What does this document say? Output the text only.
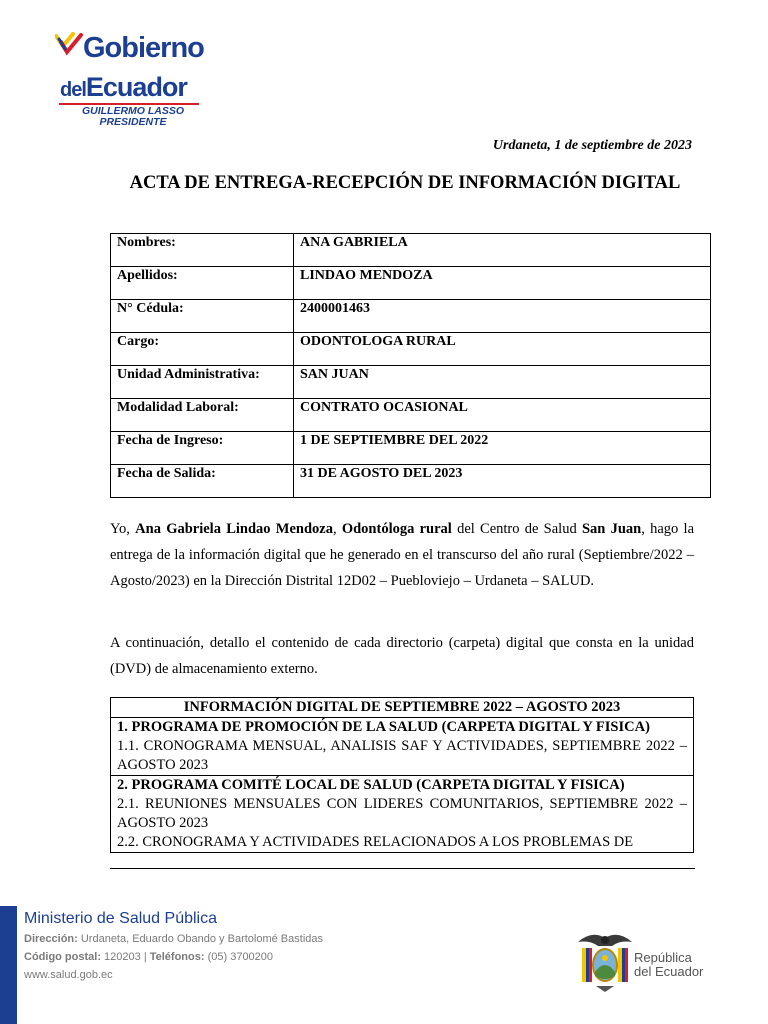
Gobierno
delEcuador
GUILLERMO LASSO
PRESIDENTE
Urdaneta, 1 de septiembre de 2023
ACTA DE ENTREGA-RECEPCIÓN DE INFORMACIÓN DIGITAL
Nombres:	ANA GABRIELA
Apellidos:	LINDAO MENDOZA
N° Cédula:	2400001463
Cargo:	ODONTOLOGA RURAL
Unidad Administrativa:	SAN JUAN
Modalidad Laboral:	CONTRATO OCASIONAL
Fecha de Ingreso:	1 DE SEPTIEMBRE DEL 2022
Fecha de Salida:	31 DE AGOSTO DEL 2023
Yo, Ana Gabriela Lindao Mendoza, Odontóloga rural del Centro de Salud San Juan, hago la entrega de la información digital que he generado en el transcurso del año rural (Septiembre/2022 – Agosto/2023) en la Dirección Distrital 12D02 – Puebloviejo – Urdaneta – SALUD.
A continuación, detallo el contenido de cada directorio (carpeta) digital que consta en la unidad (DVD) de almacenamiento externo.
INFORMACIÓN DIGITAL DE SEPTIEMBRE 2022 – AGOSTO 2023
1. PROGRAMA DE PROMOCIÓN DE LA SALUD (CARPETA DIGITAL Y FISICA)
1.1. CRONOGRAMA MENSUAL, ANALISIS SAF Y ACTIVIDADES, SEPTIEMBRE 2022 – AGOSTO 2023
2. PROGRAMA COMITÉ LOCAL DE SALUD (CARPETA DIGITAL Y FISICA)
2.1. REUNIONES MENSUALES CON LIDERES COMUNITARIOS, SEPTIEMBRE 2022 – AGOSTO 2023
2.2. CRONOGRAMA Y ACTIVIDADES RELACIONADOS A LOS PROBLEMAS DE
Ministerio de Salud Pública
Dirección: Urdaneta, Eduardo Obando y Bartolomé Bastidas
Código postal: 120203 | Teléfonos: (05) 3700200
www.salud.gob.ec
República
del Ecuador
